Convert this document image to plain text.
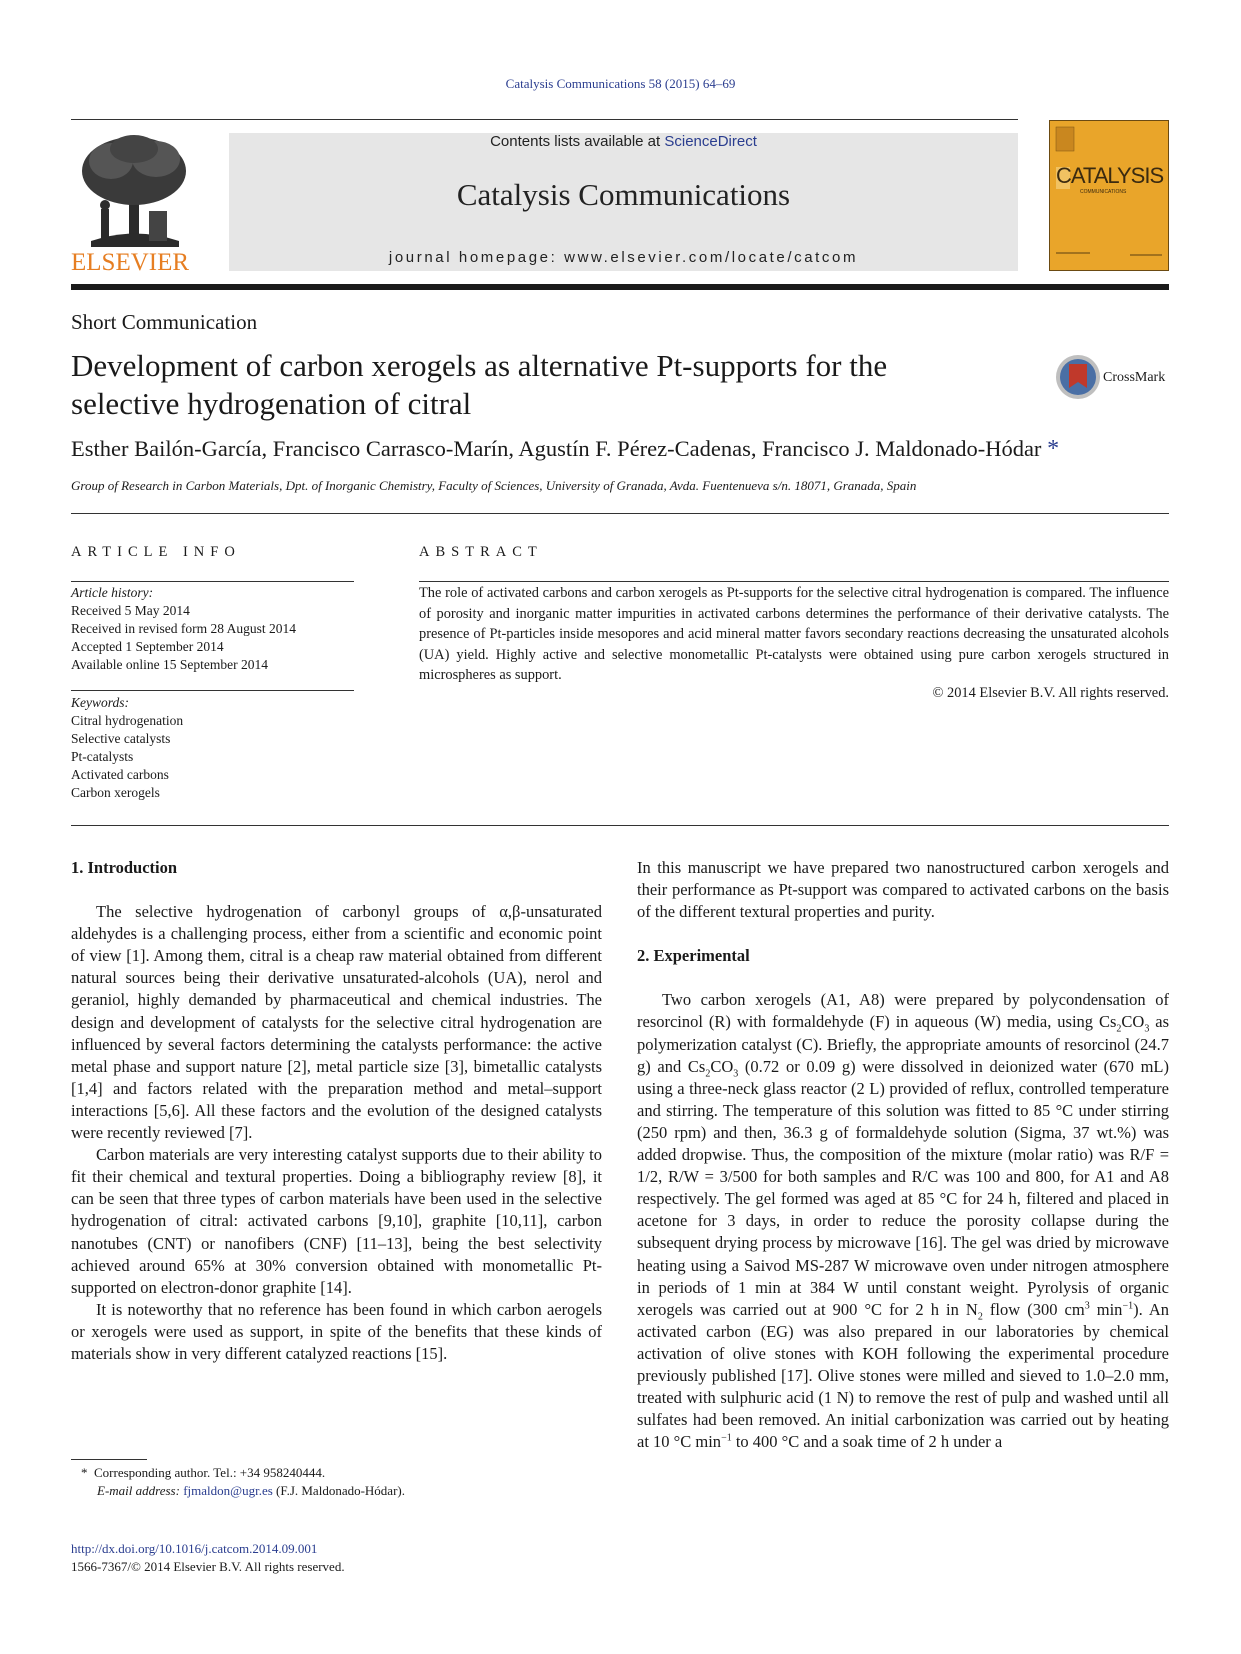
Catalysis Communications 58 (2015) 64–69
ELSEVIER
Contents lists available at ScienceDirect
Catalysis Communications
journal homepage: www.elsevier.com/locate/catcom
CATALYSIS
COMMUNICATIONS
Short Communication
Development of carbon xerogels as alternative Pt-supports for the
selective hydrogenation of citral
CrossMark
Esther Bailón-García, Francisco Carrasco-Marín, Agustín F. Pérez-Cadenas, Francisco J. Maldonado-Hódar *
Group of Research in Carbon Materials, Dpt. of Inorganic Chemistry, Faculty of Sciences, University of Granada, Avda. Fuentenueva s/n. 18071, Granada, Spain
ARTICLE INFO
Article history:
Received 5 May 2014
Received in revised form 28 August 2014
Accepted 1 September 2014
Available online 15 September 2014
Keywords:
Citral hydrogenation
Selective catalysts
Pt-catalysts
Activated carbons
Carbon xerogels
ABSTRACT
The role of activated carbons and carbon xerogels as Pt-supports for the selective citral hydrogenation is compared. The influence of porosity and inorganic matter impurities in activated carbons determines the performance of their derivative catalysts. The presence of Pt-particles inside mesopores and acid mineral matter favors secondary reactions decreasing the unsaturated alcohols (UA) yield. Highly active and selective monometallic Pt-catalysts were obtained using pure carbon xerogels structured in microspheres as support.
© 2014 Elsevier B.V. All rights reserved.
1. Introduction

The selective hydrogenation of carbonyl groups of α,β-unsaturated aldehydes is a challenging process, either from a scientific and economic point of view [1]. Among them, citral is a cheap raw material obtained from different natural sources being their derivative unsaturated-alcohols (UA), nerol and geraniol, highly demanded by pharmaceutical and chemical industries. The design and development of catalysts for the selective citral hydrogenation are influenced by several factors determining the catalysts performance: the active metal phase and support nature [2], metal particle size [3], bimetallic catalysts [1,4] and factors related with the preparation method and metal–support interactions [5,6]. All these factors and the evolution of the designed catalysts were recently reviewed [7].

Carbon materials are very interesting catalyst supports due to their ability to fit their chemical and textural properties. Doing a bibliography review [8], it can be seen that three types of carbon materials have been used in the selective hydrogenation of citral: activated carbons [9,10], graphite [10,11], carbon nanotubes (CNT) or nanofibers (CNF) [11–13], being the best selectivity achieved around 65% at 30% conversion obtained with monometallic Pt- supported on electron-donor graphite [14].

It is noteworthy that no reference has been found in which carbon aerogels or xerogels were used as support, in spite of the benefits that these kinds of materials show in very different catalyzed reactions [15].

In this manuscript we have prepared two nanostructured carbon xerogels and their performance as Pt-support was compared to activated carbons on the basis of the different textural properties and purity.

2. Experimental

Two carbon xerogels (A1, A8) were prepared by polycondensation of resorcinol (R) with formaldehyde (F) in aqueous (W) media, using $Cs_2CO_3$ as polymerization catalyst (C). Briefly, the appropriate amounts of resorcinol (24.7 g) and $Cs_2CO_3$ (0.72 or 0.09 g) were dissolved in deionized water (670 mL) using a three-neck glass reactor (2 L) provided of reflux, controlled temperature and stirring. The temperature of this solution was fitted to 85 °C under stirring (250 rpm) and then, 36.3 g of formaldehyde solution (Sigma, 37 wt.%) was added dropwise. Thus, the composition of the mixture (molar ratio) was R/F = 1/2, R/W = 3/500 for both samples and R/C was 100 and 800, for A1 and A8 respectively. The gel formed was aged at 85 °C for 24 h, filtered and placed in acetone for 3 days, in order to reduce the porosity collapse during the subsequent drying process by microwave [16]. The gel was dried by microwave heating using a Saivod MS-287 W microwave oven under nitrogen atmosphere in periods of 1 min at 384 W until constant weight. Pyrolysis of organic xerogels was carried out at 900 °C for 2 h in $N_2$ flow (300 $cm^3$ $\min^{-1}$). An activated carbon (EG) was also prepared in our laboratories by chemical activation of olive stones with KOH following the experimental procedure previously published [17]. Olive stones were milled and sieved to 1.0–2.0 mm, treated with sulphuric acid (1 N) to remove the rest of pulp and washed until all sulfates had been removed. An initial carbonization was carried out by heating at 10 °C $\min^{-1}$ to 400 °C and a soak time of 2 h under a

* Corresponding author. Tel.: +34 958240444.
E-mail address: fjmaldon@ugr.es (F.J. Maldonado-Hódar).
http://dx.doi.org/10.1016/j.catcom.2014.09.001
1566-7367/© 2014 Elsevier B.V. All rights reserved.
